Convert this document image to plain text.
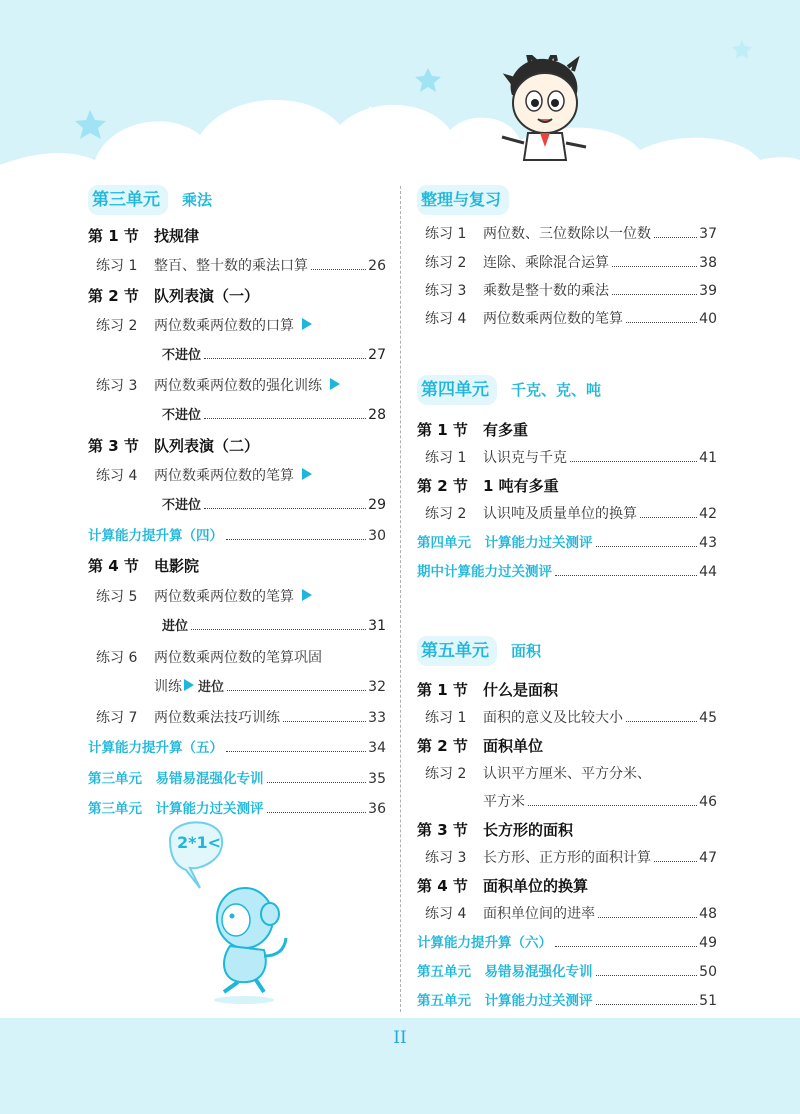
第三单元 乘法
第 1 节 找规律
练习 1	整百、整十数的乘法口算	26
第 2 节 队列表演（一）
练习 2	两位数乘两位数的口算
不进位	27
练习 3	两位数乘两位数的强化训练
不进位	28
第 3 节 队列表演（二）
练习 4	两位数乘两位数的笔算
不进位	29
计算能力提升算（四）	30
第 4 节 电影院
练习 5	两位数乘两位数的笔算
进位	31
练习 6	两位数乘两位数的笔算巩固
训练 进位	32
练习 7	两位数乘法技巧训练	33
计算能力提升算（五）	34
第三单元　易错易混强化专训	35
第三单元　计算能力过关测评	36
2*1<
整理与复习
练习 1	两位数、三位数除以一位数	37
练习 2	连除、乘除混合运算	38
练习 3	乘数是整十数的乘法	39
练习 4	两位数乘两位数的笔算	40
第四单元 千克、克、吨
第 1 节 有多重
练习 1	认识克与千克	41
第 2 节 1 吨有多重
练习 2	认识吨及质量单位的换算	42
第四单元　计算能力过关测评	43
期中计算能力过关测评	44
第五单元 面积
第 1 节 什么是面积
练习 1	面积的意义及比较大小	45
第 2 节 面积单位
练习 2	认识平方厘米、平方分米、
平方米	46
第 3 节 长方形的面积
练习 3	长方形、正方形的面积计算	47
第 4 节 面积单位的换算
练习 4	面积单位间的进率	48
计算能力提升算（六）	49
第五单元　易错易混强化专训	50
第五单元　计算能力过关测评	51
II
